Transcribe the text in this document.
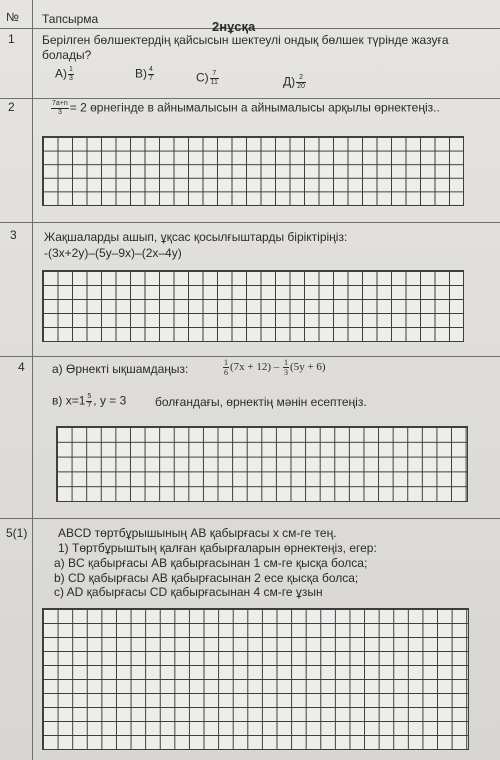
№ Тапсырма	2нұсқа
1 Берілген бөлшектердің қайсысын шектеулі ондық бөлшек түрінде жазуға
болады?
$А) \frac{1}{3}$	$В) \frac{4}{7}$	$С) \frac{7}{11}$	$Д) \frac{2}{20}$
2	$\frac{7a+n}{3} = 2$ өрнегінде в айнымалысын а айнымалысы арқылы өрнектеңіз..
3 Жақшаларды ашып, ұқсас қосылғыштарды біріктіріңіз:
-(3x+2y)–(5y–9x)–(2x–4y)
4 а) Өрнекті ықшамдаңыз:	$\frac{1}{6} (7x + 12) - \frac{1}{3} (5y + 6)$
в) $x=1 \frac{5}{7}$ , y = 3 болғандағы, өрнектің мәнін есептеңіз.
5(1)	ABCD төртбұрышының AB қабырғасы x см-ге тең.
1) Төртбұрыштың қалған қабырғаларын өрнектеңіз, егер:
а) BC қабырғасы AB қабырғасынан 1 см-ге қысқа болса;
b) CD қабырғасы AB қабырғасынан 2 есе қысқа болса;
c) AD қабырғасы CD қабырғасынан 4 см-ге ұзын
